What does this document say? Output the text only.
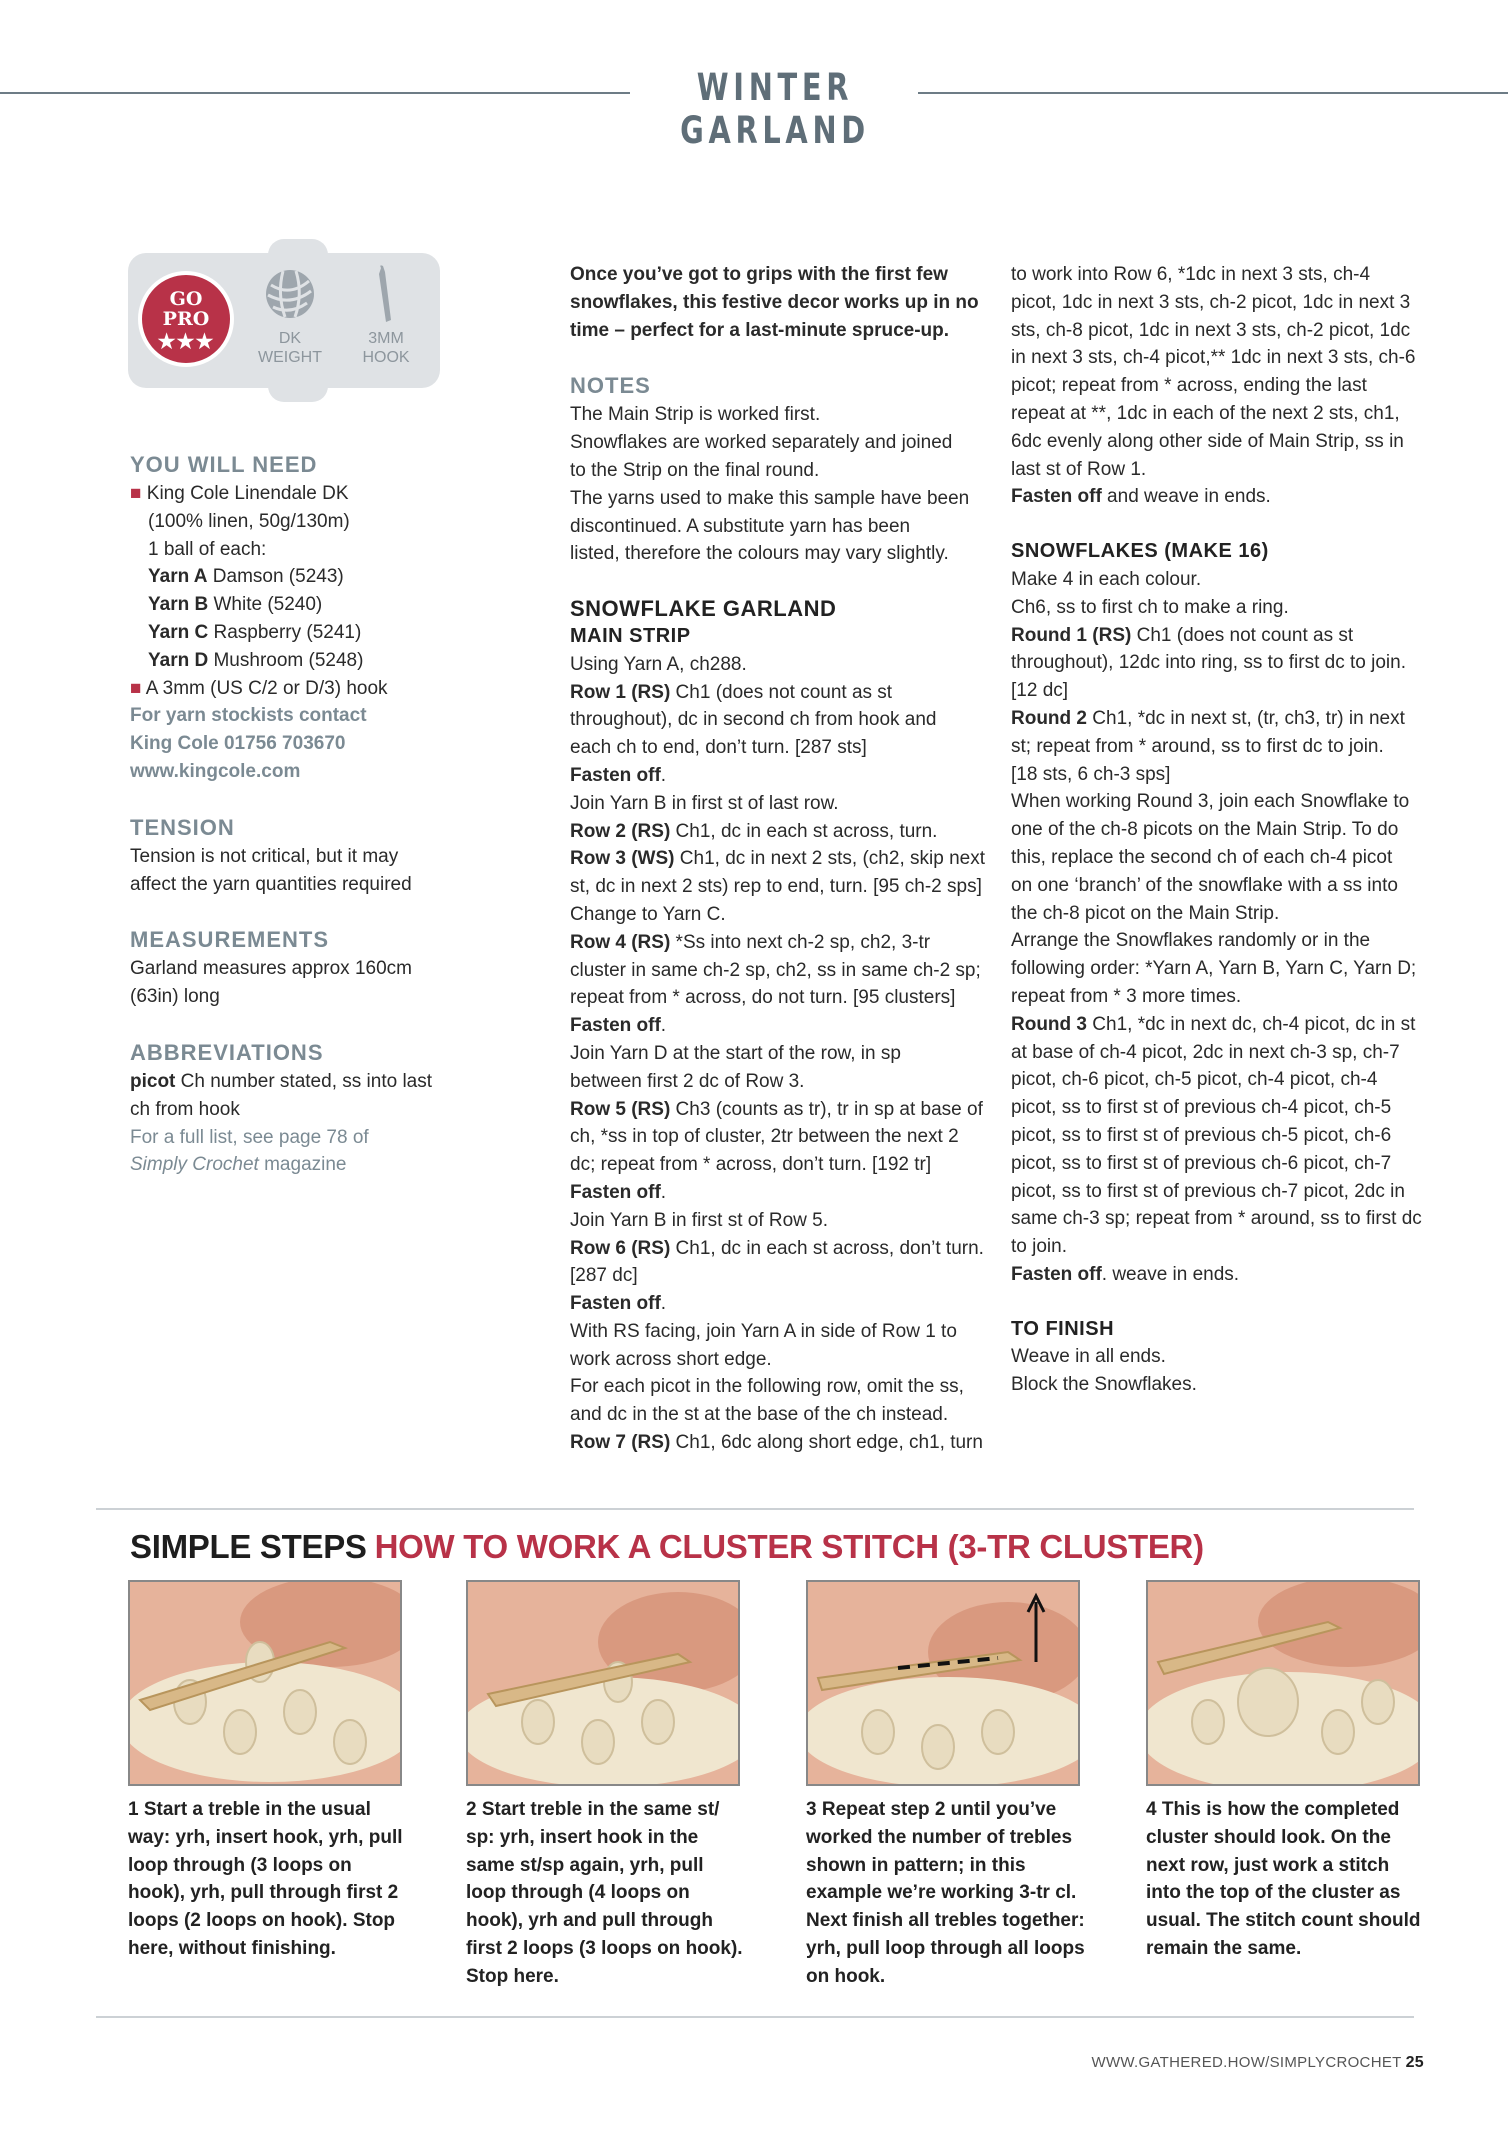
WINTER GARLAND
GO
PRO
★★★	DK
WEIGHT
3MM
HOOK

YOU WILL NEED

■ King Cole Linendale DK

(100% linen, 50g/130m)

1 ball of each:

Yarn A Damson (5243)

Yarn B White (5240)

Yarn C Raspberry (5241)

Yarn D Mushroom (5248)

■ A 3mm (US C/2 or D/3) hook

For yarn stockists contact

King Cole 01756 703670

www.kingcole.com

TENSION

Tension is not critical, but it may

affect the yarn quantities required

MEASUREMENTS

Garland measures approx 160cm

(63in) long

ABBREVIATIONS

picot Ch number stated, ss into last

ch from hook

For a full list, see page 78 of

Simply Crochet magazine

Once you’ve got to grips with the first few

snowflakes, this festive decor works up in no

time – perfect for a last-minute spruce-up.

NOTES

The Main Strip is worked first.

Snowflakes are worked separately and joined

to the Strip on the final round.

The yarns used to make this sample have been

discontinued. A substitute yarn has been

listed, therefore the colours may vary slightly.

SNOWFLAKE GARLAND

MAIN STRIP

Using Yarn A, ch288.

Row 1 (RS) Ch1 (does not count as st

throughout), dc in second ch from hook and

each ch to end, don’t turn. [287 sts]

Fasten off.

Join Yarn B in first st of last row.

Row 2 (RS) Ch1, dc in each st across, turn.

Row 3 (WS) Ch1, dc in next 2 sts, (ch2, skip next

st, dc in next 2 sts) rep to end, turn. [95 ch-2 sps]

Change to Yarn C.

Row 4 (RS) *Ss into next ch-2 sp, ch2, 3-tr

cluster in same ch-2 sp, ch2, ss in same ch-2 sp;

repeat from * across, do not turn. [95 clusters]

Fasten off.

Join Yarn D at the start of the row, in sp

between first 2 dc of Row 3.

Row 5 (RS) Ch3 (counts as tr), tr in sp at base of

ch, *ss in top of cluster, 2tr between the next 2

dc; repeat from * across, don’t turn. [192 tr]

Fasten off.

Join Yarn B in first st of Row 5.

Row 6 (RS) Ch1, dc in each st across, don’t turn.

[287 dc]

Fasten off.

With RS facing, join Yarn A in side of Row 1 to

work across short edge.

For each picot in the following row, omit the ss,

and dc in the st at the base of the ch instead.

Row 7 (RS) Ch1, 6dc along short edge, ch1, turn

to work into Row 6, *1dc in next 3 sts, ch-4

picot, 1dc in next 3 sts, ch-2 picot, 1dc in next 3

sts, ch-8 picot, 1dc in next 3 sts, ch-2 picot, 1dc

in next 3 sts, ch-4 picot,** 1dc in next 3 sts, ch-6

picot; repeat from * across, ending the last

repeat at **, 1dc in each of the next 2 sts, ch1,

6dc evenly along other side of Main Strip, ss in

last st of Row 1.

Fasten off and weave in ends.

SNOWFLAKES (MAKE 16)

Make 4 in each colour.

Ch6, ss to first ch to make a ring.

Round 1 (RS) Ch1 (does not count as st

throughout), 12dc into ring, ss to first dc to join.

[12 dc]

Round 2 Ch1, *dc in next st, (tr, ch3, tr) in next

st; repeat from * around, ss to first dc to join.

[18 sts, 6 ch-3 sps]

When working Round 3, join each Snowflake to

one of the ch-8 picots on the Main Strip. To do

this, replace the second ch of each ch-4 picot

on one ‘branch’ of the snowflake with a ss into

the ch-8 picot on the Main Strip.

Arrange the Snowflakes randomly or in the

following order: *Yarn A, Yarn B, Yarn C, Yarn D;

repeat from * 3 more times.

Round 3 Ch1, *dc in next dc, ch-4 picot, dc in st

at base of ch-4 picot, 2dc in next ch-3 sp, ch-7

picot, ch-6 picot, ch-5 picot, ch-4 picot, ch-4

picot, ss to first st of previous ch-4 picot, ch-5

picot, ss to first st of previous ch-5 picot, ch-6

picot, ss to first st of previous ch-6 picot, ch-7

picot, ss to first st of previous ch-7 picot, 2dc in

same ch-3 sp; repeat from * around, ss to first dc

to join.

Fasten off. weave in ends.

TO FINISH

Weave in all ends.

Block the Snowflakes.

SIMPLE STEPS HOW TO WORK A CLUSTER STITCH (3-TR CLUSTER)
1 Start a treble in the usual
way: yrh, insert hook, yrh, pull
loop through (3 loops on
hook), yrh, pull through first 2
loops (2 loops on hook). Stop
here, without finishing.
2 Start treble in the same st/
sp: yrh, insert hook in the
same st/sp again, yrh, pull
loop through (4 loops on
hook), yrh and pull through
first 2 loops (3 loops on hook).
Stop here.
3 Repeat step 2 until you’ve
worked the number of trebles
shown in pattern; in this
example we’re working 3-tr cl.
Next finish all trebles together:
yrh, pull loop through all loops
on hook.
4 This is how the completed
cluster should look. On the
next row, just work a stitch
into the top of the cluster as
usual. The stitch count should
remain the same.
WWW.GATHERED.HOW/SIMPLYCROCHET 25
